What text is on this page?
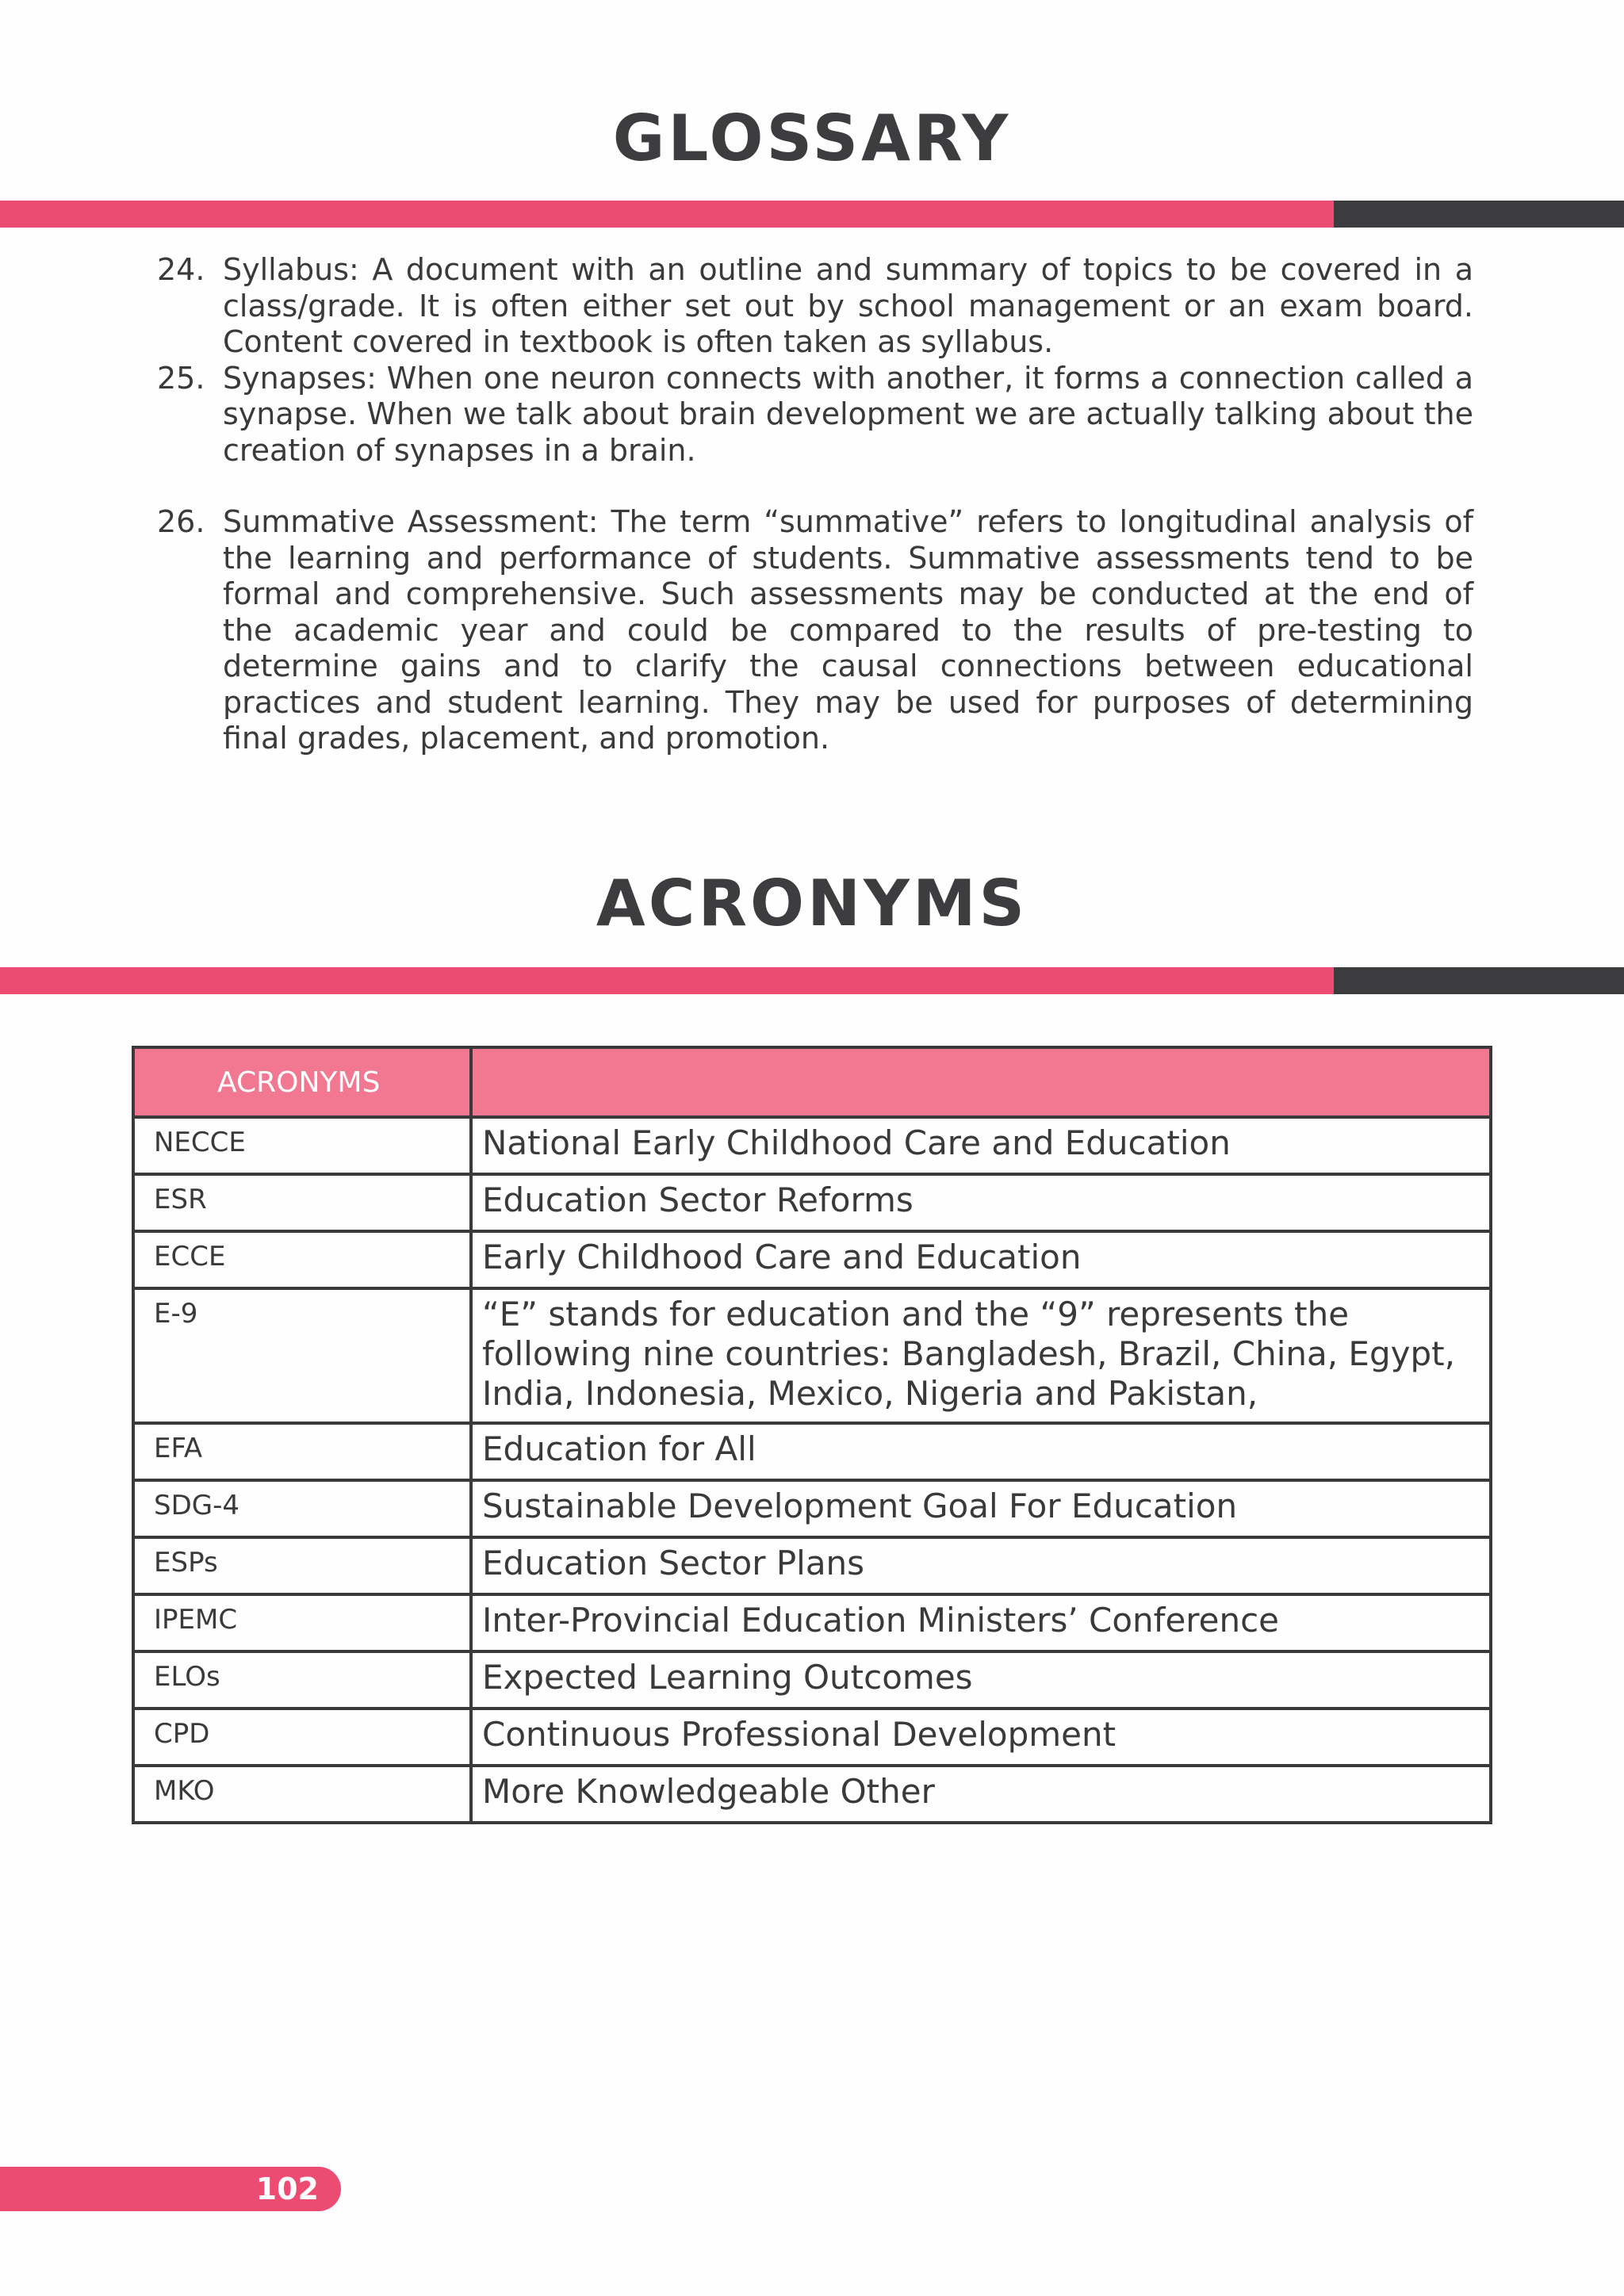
GLOSSARY
24. Syllabus: A document with an outline and summary of topics to be covered in a class/grade. It is often either set out by school management or an exam board. Content covered in textbook is often taken as syllabus.
25. Synapses: When one neuron connects with another, it forms a connection called a synapse. When we talk about brain development we are actually talking about the creation of synapses in a brain.
26. Summative Assessment: The term “summative” refers to longitudinal analysis of the learning and performance of students. Summative assessments tend to be formal and comprehensive. Such assessments may be conducted at the end of the academic year and could be compared to the results of pre-testing to determine gains and to clarify the causal connections between educational practices and student learning. They may be used for purposes of determining final grades, placement, and promotion.
ACRONYMS
ACRONYMS	
NECCE	National Early Childhood Care and Education
ESR	Education Sector Reforms
ECCE	Early Childhood Care and Education
E-9	“E” stands for education and the “9” represents the following nine countries: Bangladesh, Brazil, China, Egypt, India, Indonesia, Mexico, Nigeria and Pakistan,
EFA	Education for All
SDG-4	Sustainable Development Goal For Education
ESPs	Education Sector Plans
IPEMC	Inter-Provincial Education Ministers’ Conference
ELOs	Expected Learning Outcomes
CPD	Continuous Professional Development
MKO	More Knowledgeable Other
102
